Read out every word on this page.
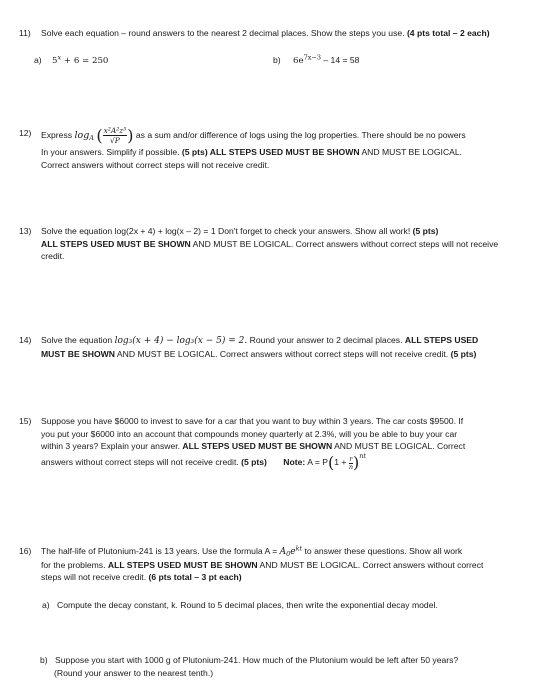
11) Solve each equation – round answers to the nearest 2 decimal places. Show the steps you use. (4 pts total – 2 each)
a) $5^x + 6 = 250$	b) $6e^{7x-3} - 14 = 58$
12) Express $\log_A$ ( $\frac{\text{x²A²z⁵}}{√P}$ ) as a sum and/or difference of logs using the log properties. There should be no powers
In your answers. Simplify if possible. (5 pts) ALL STEPS USED MUST BE SHOWN AND MUST BE LOGICAL.
Correct answers without correct steps will not receive credit.
13) Solve the equation log(2x + 4) + log(x – 2) = 1 Don't forget to check your answers. Show all work! (5 pts)
ALL STEPS USED MUST BE SHOWN AND MUST BE LOGICAL. Correct answers without correct steps will not receive
credit.
14) Solve the equation log₃(x + 4) − log₃(x − 5) = 2. Round your answer to 2 decimal places. ALL STEPS USED
MUST BE SHOWN AND MUST BE LOGICAL. Correct answers without correct steps will not receive credit. (5 pts)
15) Suppose you have $6000 to invest to save for a car that you want to buy within 3 years. The car costs $9500. If
you put your $6000 into an account that compounds money quarterly at 2.3%, will you be able to buy your car
within 3 years? Explain your answer. ALL STEPS USED MUST BE SHOWN AND MUST BE LOGICAL. Correct
answers without correct steps will not receive credit. (5 pts) Note: $A = P(1 + \frac{r}{n} )^{nt}$
16) The half-life of Plutonium-241 is 13 years. Use the formula $A = A_0e^{kt}$ to answer these questions. Show all work
for the problems. ALL STEPS USED MUST BE SHOWN AND MUST BE LOGICAL. Correct answers without correct
steps will not receive credit. (6 pts total – 3 pt each)
a) Compute the decay constant, k. Round to 5 decimal places, then write the exponential decay model.
b) Suppose you start with 1000 g of Plutonium-241. How much of the Plutonium would be left after 50 years?
(Round your answer to the nearest tenth.)
